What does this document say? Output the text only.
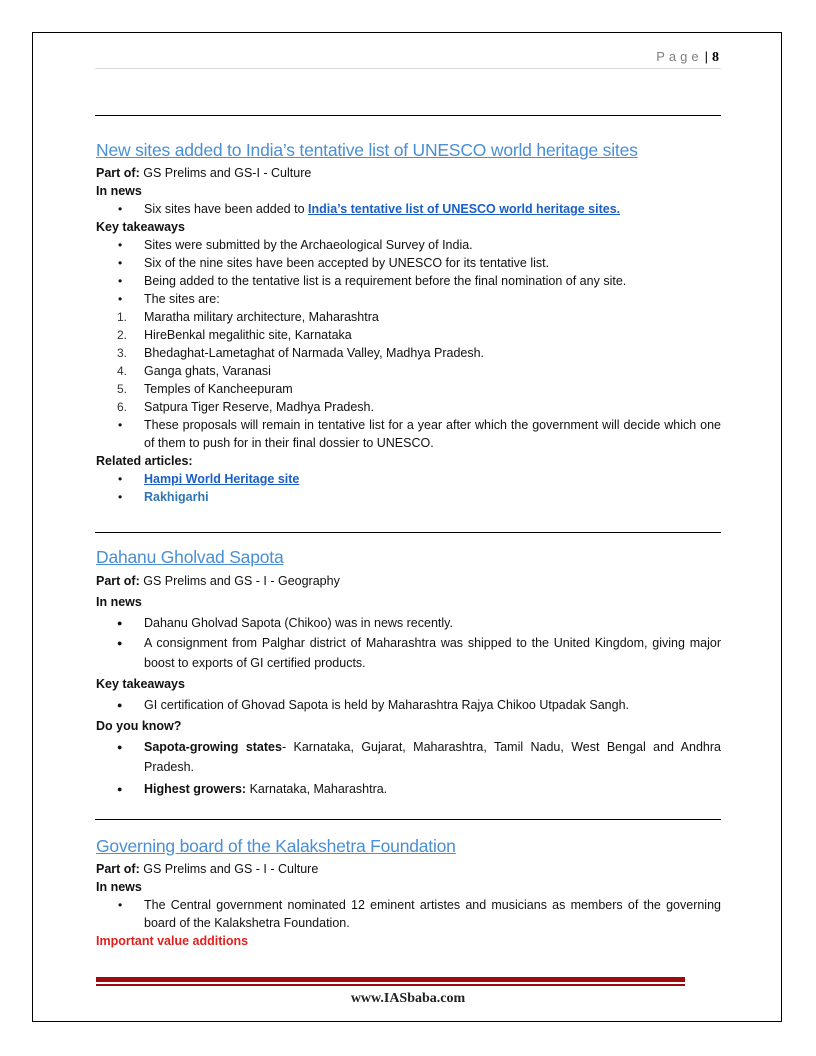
Page | 8
New sites added to India’s tentative list of UNESCO world heritage sites
Part of: GS Prelims and GS-I - Culture
In news
• Six sites have been added to India’s tentative list of UNESCO world heritage sites.
Key takeaways
• Sites were submitted by the Archaeological Survey of India.
• Six of the nine sites have been accepted by UNESCO for its tentative list.
• Being added to the tentative list is a requirement before the final nomination of any site.
• The sites are:
1. Maratha military architecture, Maharashtra
2. HireBenkal megalithic site, Karnataka
3. Bhedaghat-Lametaghat of Narmada Valley, Madhya Pradesh.
4. Ganga ghats, Varanasi
5. Temples of Kancheepuram
6. Satpura Tiger Reserve, Madhya Pradesh.
• These proposals will remain in tentative list for a year after which the government will decide which one of them to push for in their final dossier to UNESCO.
Related articles:
• Hampi World Heritage site
• Rakhigarhi
Dahanu Gholvad Sapota
Part of: GS Prelims and GS - I - Geography
In news
● Dahanu Gholvad Sapota (Chikoo) was in news recently.
● A consignment from Palghar district of Maharashtra was shipped to the United Kingdom, giving major boost to exports of GI certified products.
Key takeaways
● GI certification of Ghovad Sapota is held by Maharashtra Rajya Chikoo Utpadak Sangh.
Do you know?
● Sapota-growing states- Karnataka, Gujarat, Maharashtra, Tamil Nadu, West Bengal and Andhra Pradesh.
● Highest growers: Karnataka, Maharashtra.
Governing board of the Kalakshetra Foundation
Part of: GS Prelims and GS - I - Culture
In news
• The Central government nominated 12 eminent artistes and musicians as members of the governing board of the Kalakshetra Foundation.
Important value additions
www.IASbaba.com
